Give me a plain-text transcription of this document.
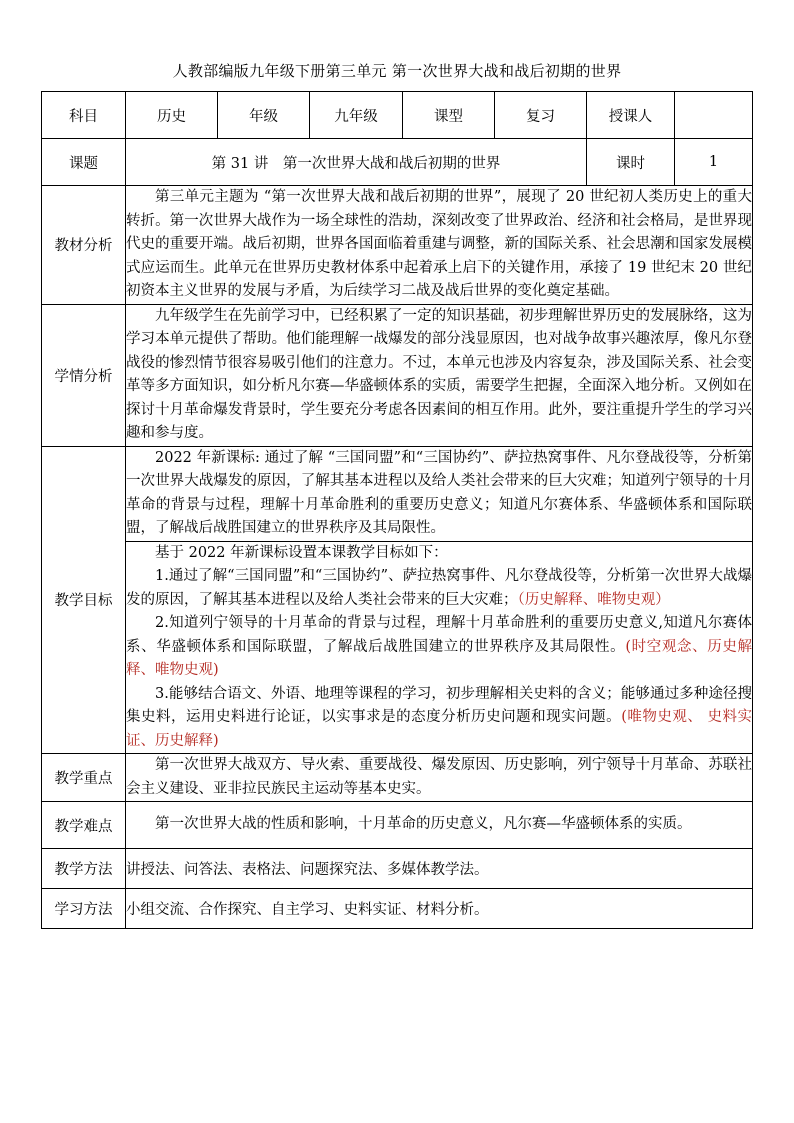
人教部编版九年级下册第三单元 第一次世界大战和战后初期的世界
科目	历史	年级	九年级	课型	复习	授课人	
课题	第 31 讲　第一次世界大战和战后初期的世界					课时	1
教材分析	第三单元主题为 “第一次世界大战和战后初期的世界”，展现了 20 世纪初人类历史上的重大转折。第一次世界大战作为一场全球性的浩劫，深刻改变了世界政治、经济和社会格局，是世界现代史的重要开端。战后初期，世界各国面临着重建与调整，新的国际关系、社会思潮和国家发展模式应运而生。此单元在世界历史教材体系中起着承上启下的关键作用，承接了 19 世纪末 20 世纪初资本主义世界的发展与矛盾，为后续学习二战及战后世界的变化奠定基础。						

学情分析	九年级学生在先前学习中，已经积累了一定的知识基础，初步理解世界历史的发展脉络，这为学习本单元提供了帮助。他们能理解一战爆发的部分浅显原因，也对战争故事兴趣浓厚，像凡尔登战役的惨烈情节很容易吸引他们的注意力。不过，本单元也涉及内容复杂，涉及国际关系、社会变革等多方面知识，如分析凡尔赛—华盛顿体系的实质，需要学生把握，全面深入地分析。又例如在探讨十月革命爆发背景时，学生要充分考虑各因素间的相互作用。此外，要注重提升学生的学习兴趣和参与度。						

教学目标	2022 年新课标: 通过了解 “三国同盟”和“三国协约”、萨拉热窝事件、凡尔登战役等，分析第一次世界大战爆发的原因，了解其基本进程以及给人类社会带来的巨大灾难；知道列宁领导的十月革命的背景与过程，理解十月革命胜利的重要历史意义；知道凡尔赛体系、华盛顿体系和国际联盟，了解战后战胜国建立的世界秩序及其局限性。						

	基于 2022 年新课标设置本课教学目标如下：

1.通过了解“三国同盟”和“三国协约”、萨拉热窝事件、凡尔登战役等，分析第一次世界大战爆发的原因，了解其基本进程以及给人类社会带来的巨大灾难；（历史解释、唯物史观）

2.知道列宁领导的十月革命的背景与过程，理解十月革命胜利的重要历史意义,知道凡尔赛体系、华盛顿体系和国际联盟，了解战后战胜国建立的世界秩序及其局限性。(时空观念、历史解释、唯物史观)

3.能够结合语文、外语、地理等课程的学习，初步理解相关史料的含义；能够通过多种途径搜集史料，运用史料进行论证，以实事求是的态度分析历史问题和现实问题。(唯物史观、 史料实证、历史解释)						

教学重点	第一次世界大战双方、导火索、重要战役、爆发原因、历史影响，列宁领导十月革命、苏联社会主义建设、亚非拉民族民主运动等基本史实。						

教学难点	第一次世界大战的性质和影响，十月革命的历史意义，凡尔赛—华盛顿体系的实质。						

教学方法	讲授法、问答法、表格法、问题探究法、多媒体教学法。						
学习方法	小组交流、合作探究、自主学习、史料实证、材料分析。						
